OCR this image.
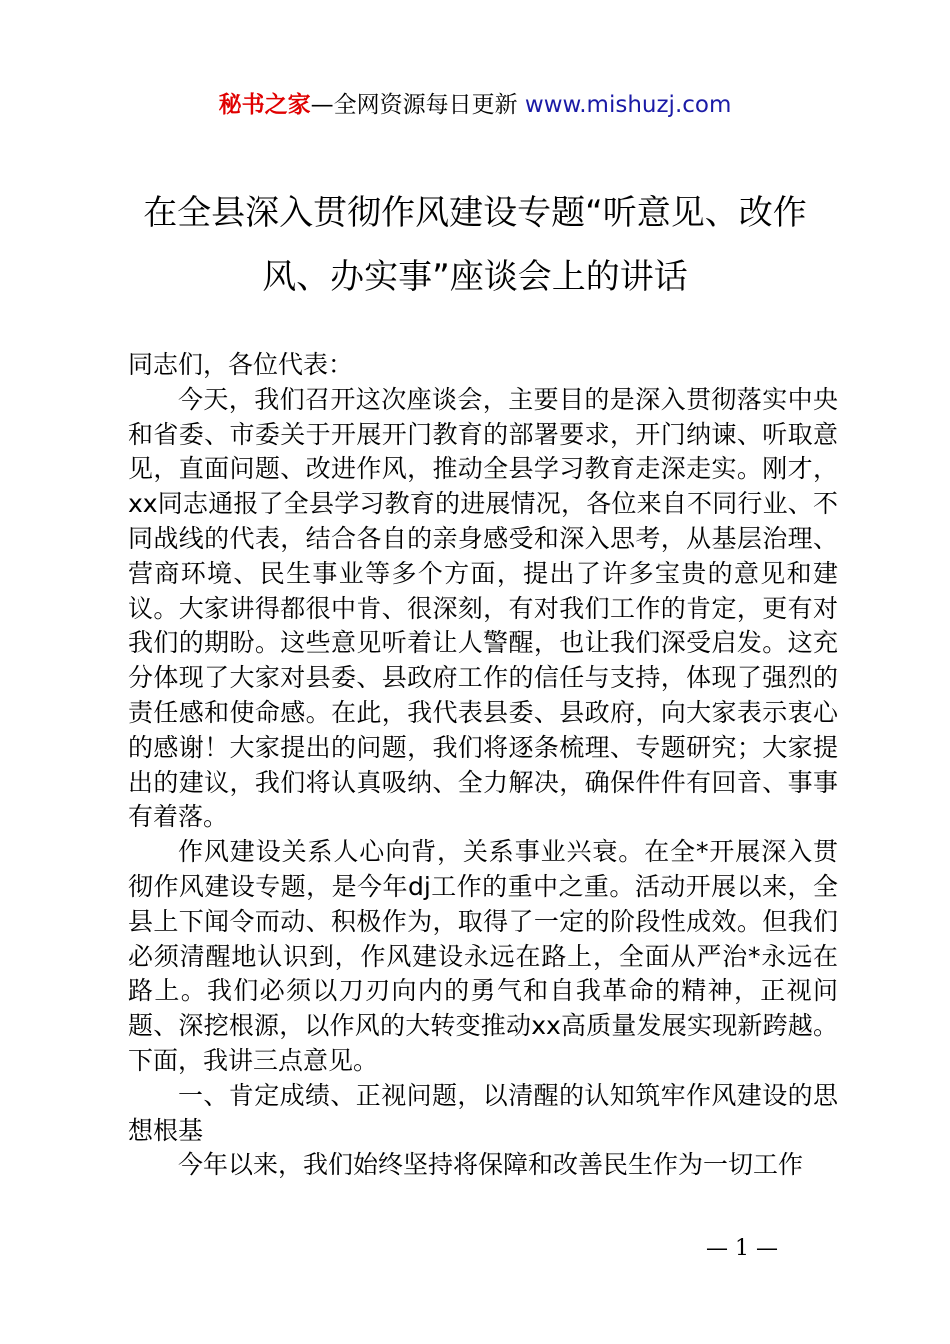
秘书之家—全网资源每日更新 www.mishuzj.com
在全县深入贯彻作风建设专题“听意见、改作风、办实事”座谈会上的讲话

同志们，各位代表：

今天，我们召开这次座谈会，主要目的是深入贯彻落实中央和省委、市委关于开展开门教育的部署要求，开门纳谏、听取意见，直面问题、改进作风，推动全县学习教育走深走实。刚才，xx同志通报了全县学习教育的进展情况，各位来自不同行业、不同战线的代表，结合各自的亲身感受和深入思考，从基层治理、营商环境、民生事业等多个方面，提出了许多宝贵的意见和建议。大家讲得都很中肯、很深刻，有对我们工作的肯定，更有对我们的期盼。这些意见听着让人警醒，也让我们深受启发。这充分体现了大家对县委、县政府工作的信任与支持，体现了强烈的责任感和使命感。在此，我代表县委、县政府，向大家表示衷心的感谢！大家提出的问题，我们将逐条梳理、专题研究；大家提出的建议，我们将认真吸纳、全力解决，确保件件有回音、事事有着落。

作风建设关系人心向背，关系事业兴衰。在全*开展深入贯彻作风建设专题，是今年dj工作的重中之重。活动开展以来，全县上下闻令而动、积极作为，取得了一定的阶段性成效。但我们必须清醒地认识到，作风建设永远在路上，全面从严治*永远在路上。我们必须以刀刃向内的勇气和自我革命的精神，正视问题、深挖根源，以作风的大转变推动xx高质量发展实现新跨越。下面，我讲三点意见。

一、肯定成绩、正视问题，以清醒的认知筑牢作风建设的思想根基

今年以来，我们始终坚持将保障和改善民生作为一切工作

— 1 —
